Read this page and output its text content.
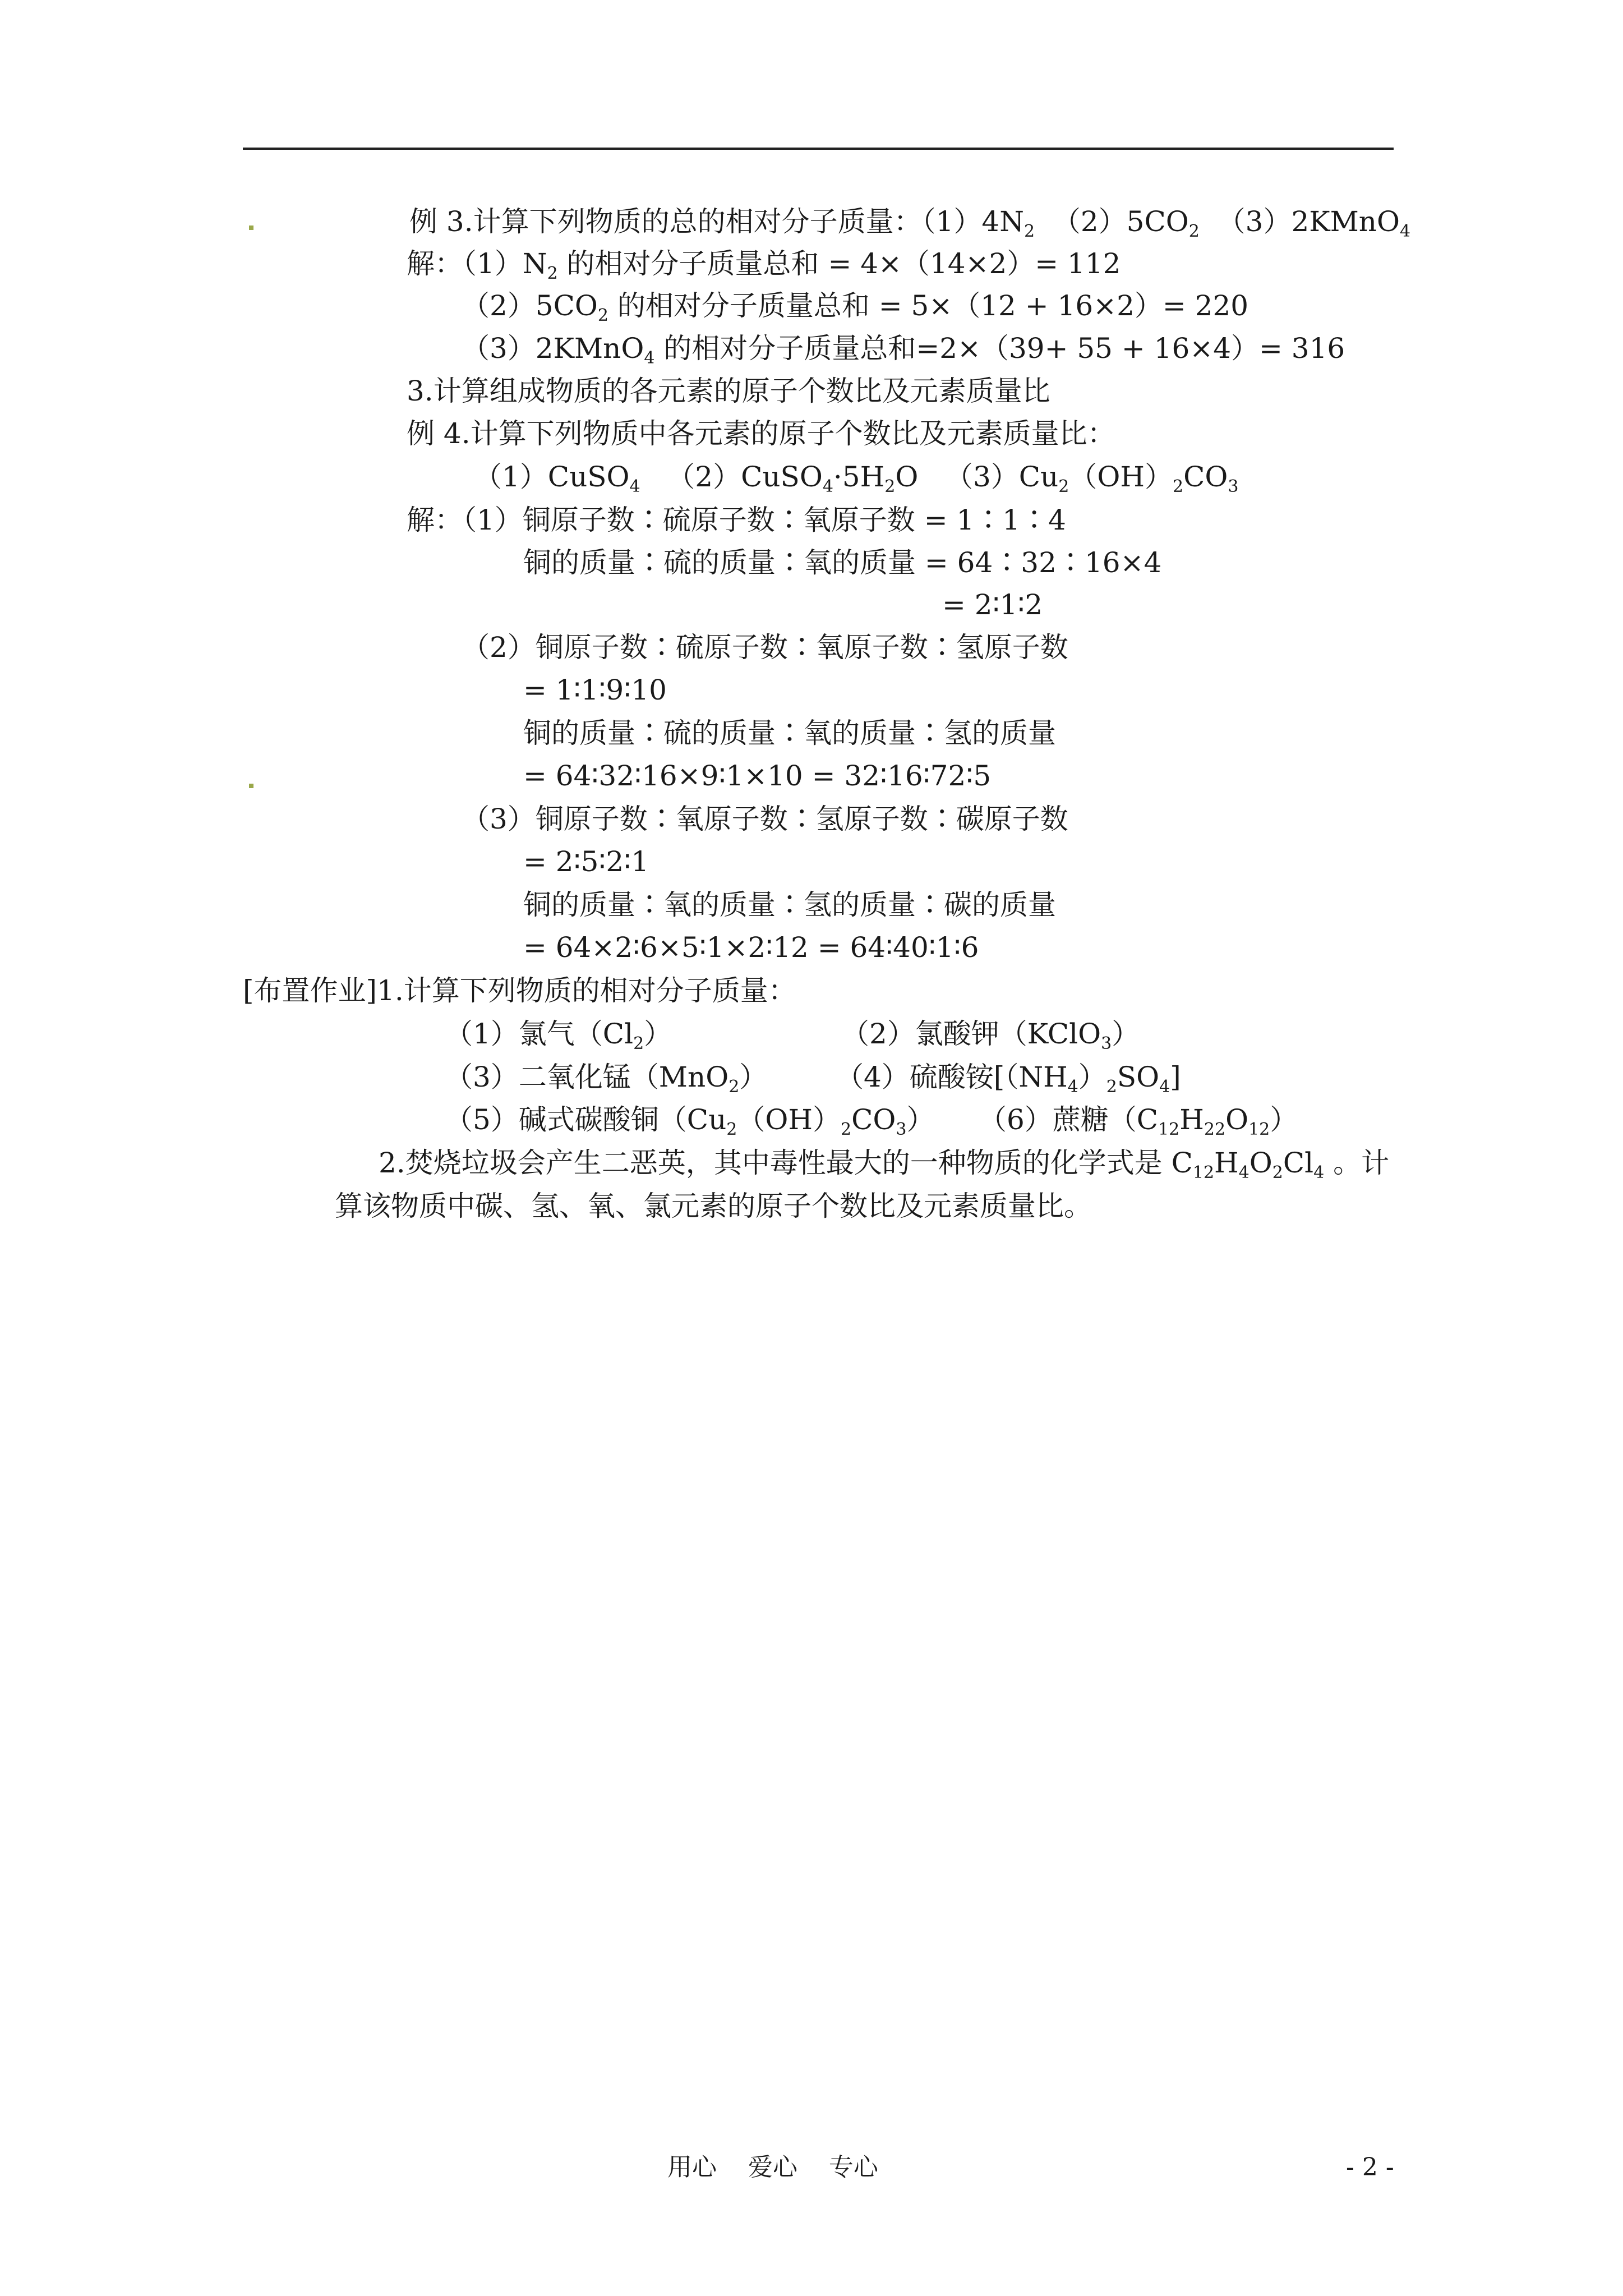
例 3.计算下列物质的总的相对分子质量：$(1)4N_2$  $(2)5CO_2$  （3）2KMnO$_4$
解：$(1)N_2$ 的相对分子质量总和 = 4×（14×2）= 112
$(2)5CO_2$ 的相对分子质量总和 = 5×（12 + 16×2）= 220
（3）2KMnO$_4$ 的相对分子质量总和=2×（39+ 55 + 16×4）= 316
3.计算组成物质的各元素的原子个数比及元素质量比
例 4.计算下列物质中各元素的原子个数比及元素质量比：
（1）CuSO$_4$   $(2)CuSO_4\cdot 5H_2O$   $(3)Cu_2(OH)_2CO_3$
解：（1）铜原子数∶硫原子数∶氧原子数 = 1∶1∶4
铜的质量∶硫的质量∶氧的质量 = 64∶32∶16×4
= 2∶1∶2
（2）铜原子数∶硫原子数∶氧原子数∶氢原子数
= 1∶1∶9∶10
铜的质量∶硫的质量∶氧的质量∶氢的质量
= 64∶32∶16×9∶1×10 = 32∶16∶72∶5
（3）铜原子数∶氧原子数∶氢原子数∶碳原子数
= 2∶5∶2∶1
铜的质量∶氧的质量∶氢的质量∶碳的质量
= 64×2∶6×5∶1×2∶12 = 64∶40∶1∶6
[布置作业]1.计算下列物质的相对分子质量：
（1）氯气$(Cl_2)$	（2）氯酸钾（KClO$_3$）
（3）二氧化锰（MnO$_2$） （4）硫酸铵$[(NH_4)_2SO_4]$
（5）碱式碳酸铜$(Cu_2(OH)_2CO_3)$ （6）蔗糖$(C_{12}H_{22}O_{12})$
2.焚烧垃圾会产生二恶英，其中毒性最大的一种物质的化学式是 $C_{12}H_4O_2Cl_4$ 。计
算该物质中碳、氢、氧、氯元素的原子个数比及元素质量比。
用心    爱心    专心	- 2 -
